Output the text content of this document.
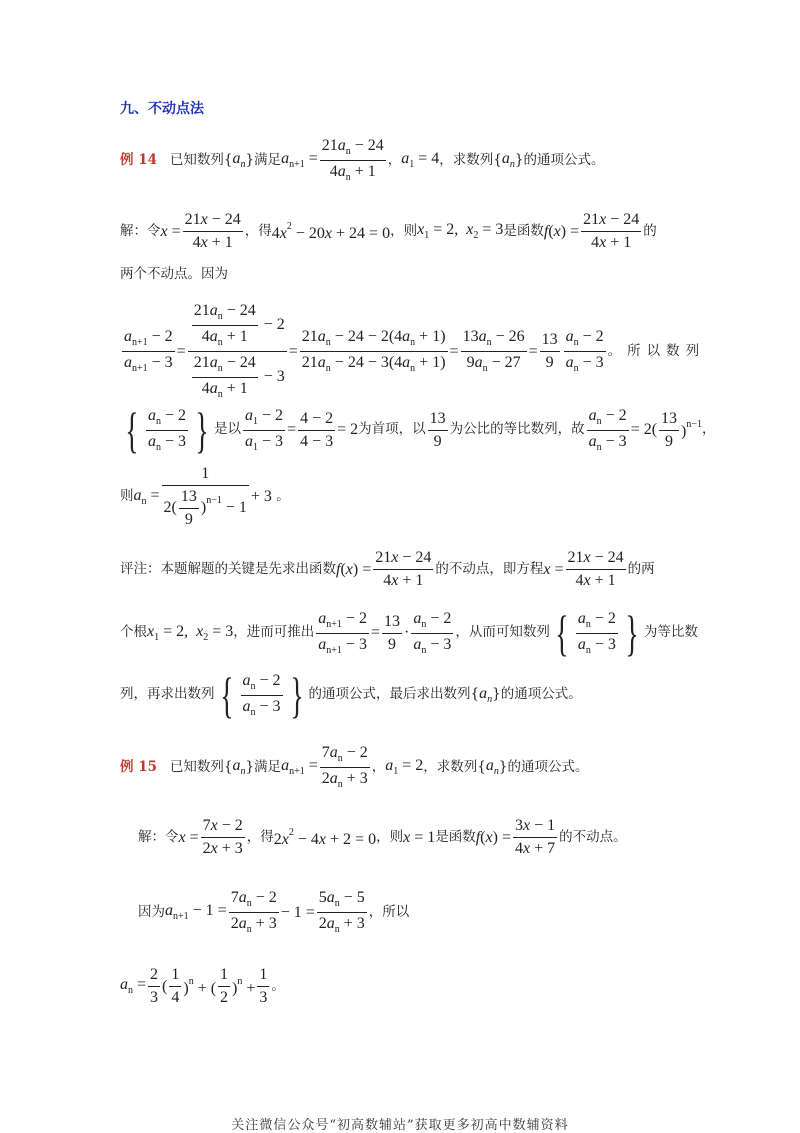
九、不动点法
例 14
已知数列{ $a_n$ }满足 $a_{n+1} = \frac{21a_n - 24}{4a_n + 1}$ ， $a_1 = 4$ ，求数列{ $a_n$ }的通项公式。
解：令 $x = \frac{21x - 24}{4x + 1}$ ，得 $4x^2 - 20x + 24 = 0$ ，则 $x_1 = 2$,  $x_2 = 3$ 是函数 $f(x) = \frac{21x - 24}{4x + 1}$ 的
两个不动点。因为
$\frac{a_{n+1} - 2}{a_{n+1} - 3} = \frac{\frac{21a_n - 24}{4a_n + 1} - 2}{\frac{21a_n - 24}{4a_n + 1} - 3} = \frac{21a_n - 24 - 2(4a_n + 1)}{21a_n - 24 - 3(4a_n + 1)} = \frac{13a_n - 26}{9a_n - 27} = \frac{13}{9} a_n - 2$
$a_n - 3$
。所以数列
{ $a_n - 2$
$a_n - 3$ } 是以 $\frac{a_1 - 2}{a_1 - 3} = \frac{4 - 2}{4 - 3} = 2$ 为首项，以
13
9
为公比的等比数列，故 $\frac{a_n - 2}{a_n - 3} = 2$(
13
9
)$^{n-1}$ ，
则 $a_n = \frac{1}{2( \frac{13}{9} )^{n-1} - 1} + 3$
。
评注：本题解题的关键是先求出函数 $f(x) = \frac{21x - 24}{4x + 1}$ 的不动点，即方程 $x = \frac{21x - 24}{4x + 1}$ 的两
个根 $x_1 = 2$,  $x_2 = 3$ ，进而可推出 $\frac{a_{n+1} - 2}{a_{n+1} - 3} = \frac{13}{9}$ ·
$a_n - 2$
$a_n - 3$
，从而可知数列 { $a_n - 2$
$a_n - 3$ } 为等比数
列，再求出数列 { $a_n - 2$
$a_n - 3$ } 的通项公式，最后求出数列{ $a_n$ }的通项公式。
例 15
已知数列{ $a_n$ }满足 $a_{n+1} = \frac{7a_n - 2}{2a_n + 3}$ ， $a_1 = 2$ ，求数列{ $a_n$ }的通项公式。
解：令 $x = \frac{7x - 2}{2x + 3}$ ，得 $2x^2 - 4x + 2 = 0$ ，则 x = 1 是函数 $f(x) = \frac{3x - 1}{4x + 7}$ 的不动点。
因为 $a_{n+1} - 1 = \frac{7a_n - 2}{2a_n + 3} - 1 = \frac{5a_n - 5}{2a_n + 3}$ ，所以
$a_n = \frac{2}{3}$ (
1
4
)$^n$ + (
1
2
)$^n + \frac{1}{3}$ 。
关注微信公众号“初高数辅站”获取更多初高中数辅资料
